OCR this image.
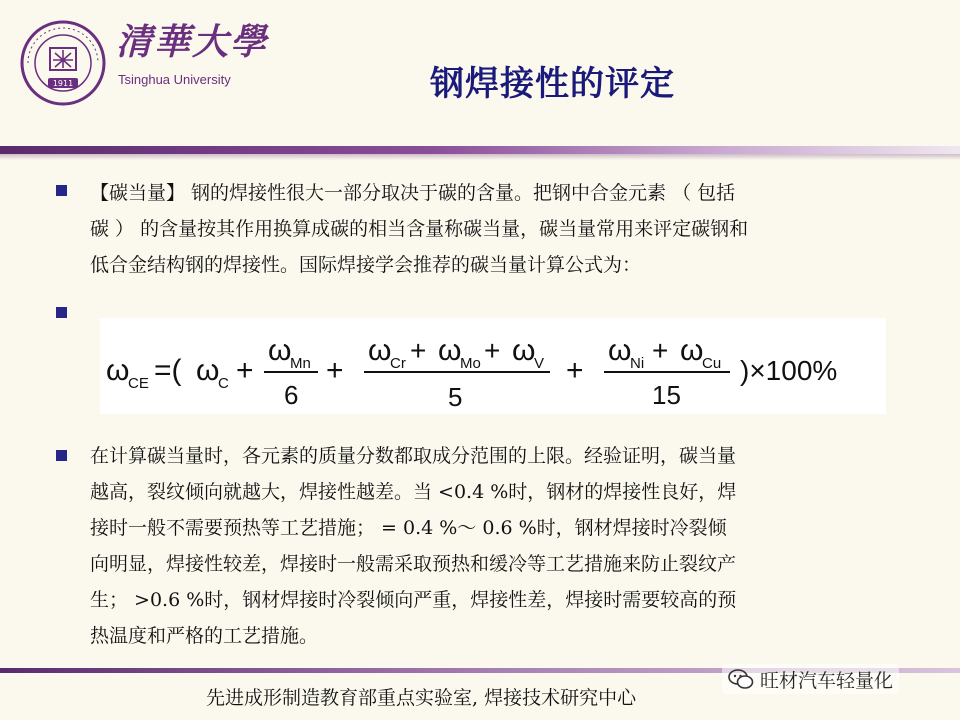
1911
清華大學
Tsinghua University	钢焊接性的评定
【碳当量】 钢的焊接性很大一部分取决于碳的含量。把钢中合金元素 （ 包括
碳 ） 的含量按其作用换算成碳的相当含量称碳当量，碳当量常用来评定碳钢和
低合金结构钢的焊接性。国际焊接学会推荐的碳当量计算公式为：
ω
CE =( ω
C +
ω
Mn
6
+
ω
Cr + ω
Mo + ω
V
5
+
ω
Ni + ω
Cu
15
)×100%
在计算碳当量时，各元素的质量分数都取成分范围的上限。经验证明，碳当量
越高，裂纹倾向就越大，焊接性越差。当 <0.4 %时，钢材的焊接性良好，焊
接时一般不需要预热等工艺措施； = 0.4 %～ 0.6 %时，钢材焊接时冷裂倾
向明显，焊接性较差，焊接时一般需采取预热和缓冷等工艺措施来防止裂纹产
生； >0.6 %时，钢材焊接时冷裂倾向严重，焊接性差，焊接时需要较高的预
热温度和严格的工艺措施。
旺材汽车轻量化
先进成形制造教育部重点实验室, 焊接技术研究中心
